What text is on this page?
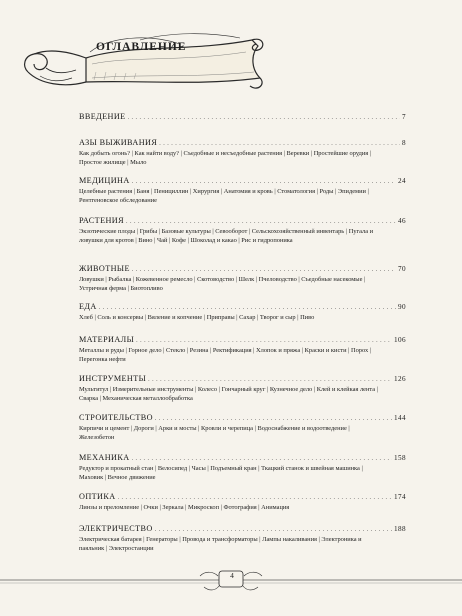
ОГЛАВЛЕНИЕ
ВВЕДЕНИЕ . . .	7
АЗЫ ВЫЖИВАНИЯ . . .	8
Как добыть огонь? | Как найти воду? | Съедобные и несъедобные растения | Веревки | Простейшие орудия | Простое жилище | Мыло
МЕДИЦИНА . . .	24
Целебные растения | Баня | Пенициллин | Хирургия | Анатомия и кровь | Стоматология | Роды | Эпидемии | Рентгеновское обследование
РАСТЕНИЯ . . .	46
Экзотические плоды | Грибы | Базовые культуры | Севооборот | Сельскохозяйственный инвентарь | Пугала и ловушки для кротов | Вино | Чай | Кофе | Шоколад и какао | Рис и гидропоника
ЖИВОТНЫЕ . . .	70
Ловушки | Рыбалка | Кожевенное ремесло | Скотоводство | Шелк | Пчеловодство | Съедобные насекомые | Устричная ферма | Биотопливо
ЕДА . . .	90
Хлеб | Соль и консервы | Вяление и копчение | Приправы | Сахар | Творог и сыр | Пиво
МАТЕРИАЛЫ . . .	106
Металлы и руды | Горное дело | Стекло | Резина | Ректификация | Хлопок и пряжа | Краски и кисти | Порох | Перегонка нефти
ИНСТРУМЕНТЫ . . .	126
Мультитул | Измерительные инструменты | Колесо | Гончарный круг | Кузнечное дело | Клей и клейкая лента | Сварка | Механическая металлообработка
СТРОИТЕЛЬСТВО . . .	144
Кирпичи и цемент | Дороги | Арки и мосты | Кровли и черепица | Водоснабжение и водоотведение | Железобетон
МЕХАНИКА . . .	158
Редуктор и прокатный стан | Велосипед | Часы | Подъемный кран | Ткацкий станок и швейная машинка | Маховик | Вечное движение
ОПТИКА . . .	174
Линзы и преломление | Очки | Зеркала | Микроскоп | Фотография | Анимация
ЭЛЕКТРИЧЕСТВО . . .	188
Электрическая батарея | Генераторы | Провода и трансформаторы | Лампы накаливания | Электроника и паяльник | Электростанции
4
